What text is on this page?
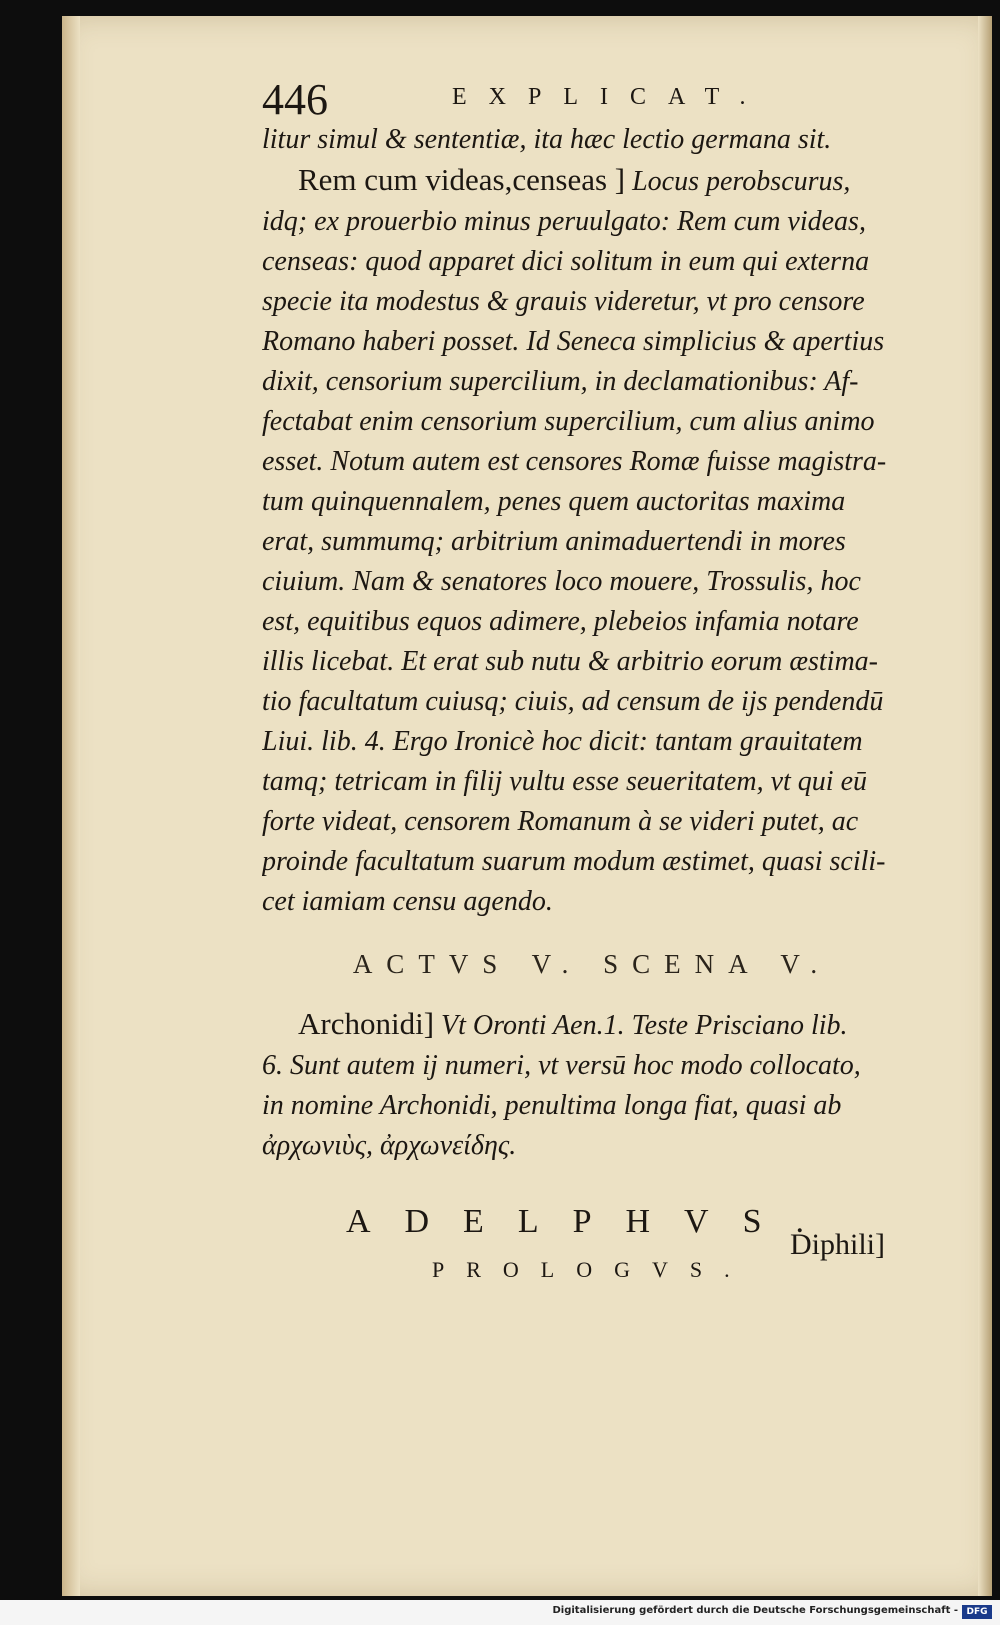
446	EXPLICAT.
litur simul & sententiæ, ita hæc lectio germana sit.
Rem cum videas,censeas ] Locus perobscurus,
idq; ex prouerbio minus peruulgato: Rem cum videas,
censeas: quod apparet dici solitum in eum qui externa
specie ita modestus & grauis videretur, vt pro censore
Romano haberi posset. Id Seneca simplicius & apertius
dixit, censorium supercilium, in declamationibus: Af-
fectabat enim censorium supercilium, cum alius animo
esset. Notum autem est censores Romæ fuisse magistra-
tum quinquennalem, penes quem auctoritas maxima
erat, summumq; arbitrium animaduertendi in mores
ciuium. Nam & senatores loco mouere, Trossulis, hoc
est, equitibus equos adimere, plebeios infamia notare
illis licebat. Et erat sub nutu & arbitrio eorum æstima-
tio facultatum cuiusq; ciuis, ad censum de ijs pendendū
Liui. lib. 4. Ergo Ironicè hoc dicit: tantam grauitatem
tamq; tetricam in filij vultu esse seueritatem, vt qui eū
forte videat, censorem Romanum à se videri putet, ac
proinde facultatum suarum modum æstimet, quasi scili-
cet iamiam censu agendo.
ACTVS V. SCENA V.
Archonidi] Vt Oronti Aen.1. Teste Prisciano lib.
6. Sunt autem ij numeri, vt versū hoc modo collocato,
in nomine Archonidi, penultima longa fiat, quasi ab
ἀρχωνιὺς, ἀρχωνείδης.
ADELPHVS.
PROLOGVS.
Diphili]
Digitalisierung gefördert durch die Deutsche Forschungsgemeinschaft - DFG
